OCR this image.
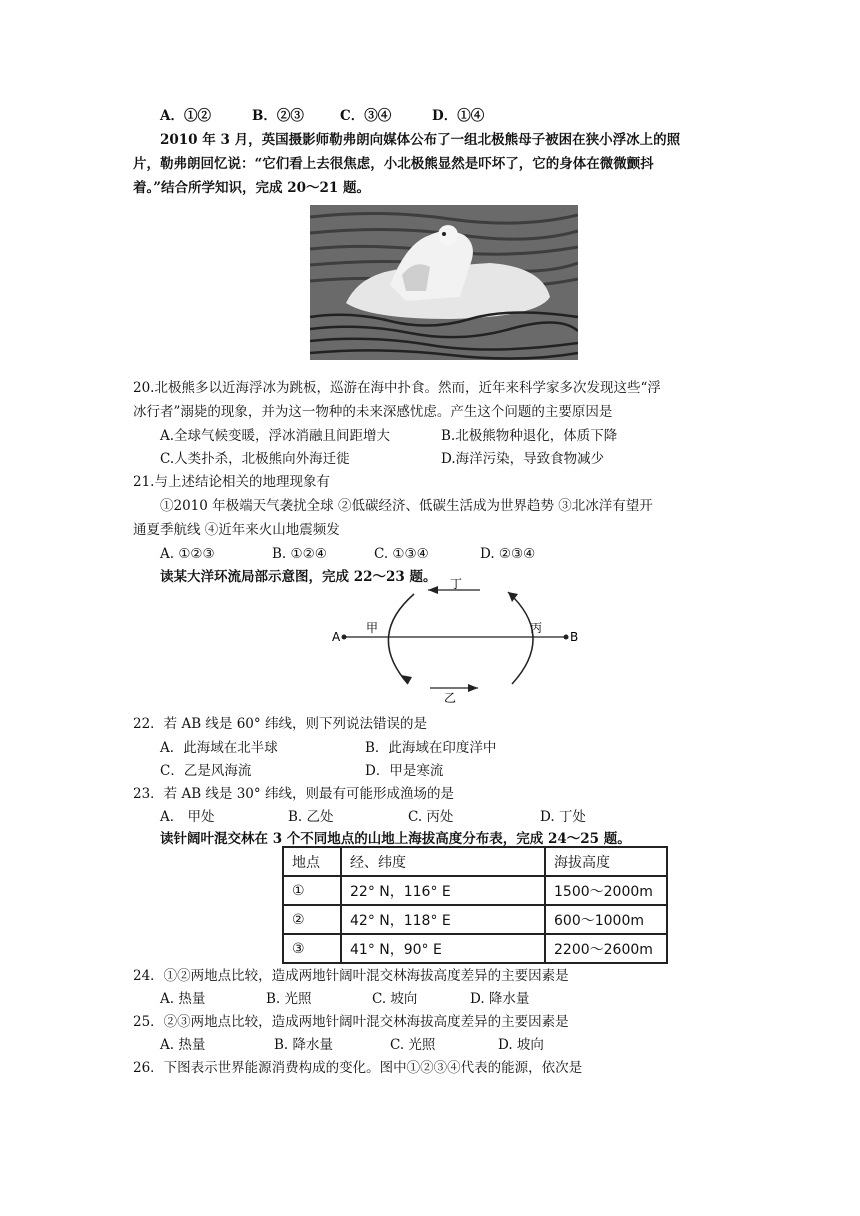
A．①②	B．②③	C．③④	D．①④
2010 年 3 月，英国摄影师勒弗朗向媒体公布了一组北极熊母子被困在狭小浮冰上的照
片，勒弗朗回忆说：“它们看上去很焦虑，小北极熊显然是吓坏了，它的身体在微微颤抖
着。”结合所学知识，完成 20～21 题。
20.北极熊多以近海浮冰为跳板，巡游在海中扑食。然而，近年来科学家多次发现这些“浮
冰行者”溺毙的现象，并为这一物种的未来深感忧虑。产生这个问题的主要原因是
A.全球气候变暖，浮冰消融且间距增大	B.北极熊物种退化，体质下降
C.人类扑杀，北极熊向外海迁徙	D.海洋污染，导致食物减少
21.与上述结论相关的地理现象有
①2010 年极端天气袭扰全球 ②低碳经济、低碳生活成为世界趋势 ③北冰洋有望开
通夏季航线 ④近年来火山地震频发
A. ①②③	B. ①②④	C. ①③④	D. ②③④
读某大洋环流局部示意图，完成 22～23 题。
A	B
甲	丙
乙
丁
22．若 AB 线是 60° 纬线，则下列说法错误的是
A．此海域在北半球	B．此海域在印度洋中
C．乙是风海流	D．甲是寒流
23．若 AB 线是 30° 纬线，则最有可能形成渔场的是
A． 甲处	B. 乙处	C. 丙处	D. 丁处
读针阔叶混交林在 3 个不同地点的山地上海拔高度分布表，完成 24～25 题。
地点	经、纬度	海拔高度
①	22° N，116° E	1500～2000m
②	42° N，118° E	600～1000m
③	41° N，90° E	2200～2600m
24．①②两地点比较，造成两地针阔叶混交林海拔高度差异的主要因素是
A. 热量	B. 光照	C. 坡向	D. 降水量
25．②③两地点比较，造成两地针阔叶混交林海拔高度差异的主要因素是
A. 热量	B. 降水量	C. 光照	D. 坡向
26．下图表示世界能源消费构成的变化。图中①②③④代表的能源，依次是
